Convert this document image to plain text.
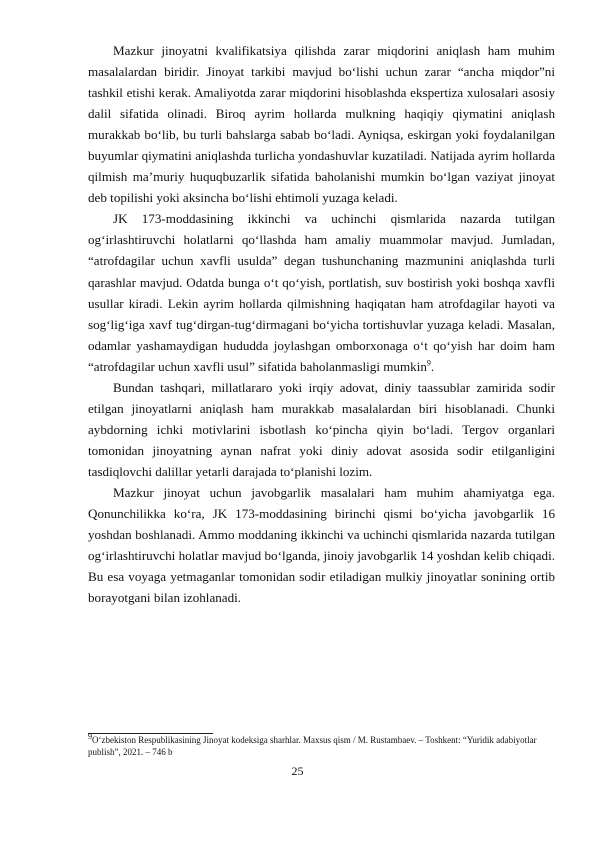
Mazkur jinoyatni kvalifikatsiya qilishda zarar miqdorini aniqlash ham muhim masalalardan biridir. Jinoyat tarkibi mavjud bo‘lishi uchun zarar “ancha miqdor”ni tashkil etishi kerak. Amaliyotda zarar miqdorini hisoblashda ekspertiza xulosalari asosiy dalil sifatida olinadi. Biroq ayrim hollarda mulkning haqiqiy qiymatini aniqlash murakkab bo‘lib, bu turli bahslarga sabab bo‘ladi. Ayniqsa, eskirgan yoki foydalanilgan buyumlar qiymatini aniqlashda turlicha yondashuvlar kuzatiladi. Natijada ayrim hollarda qilmish ma’muriy huquqbuzarlik sifatida baholanishi mumkin bo‘lgan vaziyat jinoyat deb topilishi yoki aksincha bo‘lishi ehtimoli yuzaga keladi.

JK 173-moddasining ikkinchi va uchinchi qismlarida nazarda tutilgan og‘irlashtiruvchi holatlarni qo‘llashda ham amaliy muammolar mavjud. Jumladan, “atrofdagilar uchun xavfli usulda” degan tushunchaning mazmunini aniqlashda turli qarashlar mavjud. Odatda bunga o‘t qo‘yish, portlatish, suv bostirish yoki boshqa xavfli usullar kiradi. Lekin ayrim hollarda qilmishning haqiqatan ham atrofdagilar hayoti va sog‘lig‘iga xavf tug‘dirgan-tug‘dirmagani bo‘yicha tortishuvlar yuzaga keladi. Masalan, odamlar yashamaydigan hududda joylashgan omborxonaga o‘t qo‘yish har doim ham “atrofdagilar uchun xavfli usul” sifatida baholanmasligi mumkin$^9$.

Bundan tashqari, millatlararo yoki irqiy adovat, diniy taassublar zamirida sodir etilgan jinoyatlarni aniqlash ham murakkab masalalardan biri hisoblanadi. Chunki aybdorning ichki motivlarini isbotlash ko‘pincha qiyin bo‘ladi. Tergov organlari tomonidan jinoyatning aynan nafrat yoki diniy adovat asosida sodir etilganligini tasdiqlovchi dalillar yetarli darajada to‘planishi lozim.

Mazkur jinoyat uchun javobgarlik masalalari ham muhim ahamiyatga ega. Qonunchilikka ko‘ra, JK 173-moddasining birinchi qismi bo‘yicha javobgarlik 16 yoshdan boshlanadi. Ammo moddaning ikkinchi va uchinchi qismlarida nazarda tutilgan og‘irlashtiruvchi holatlar mavjud bo‘lganda, jinoiy javobgarlik 14 yoshdan kelib chiqadi. Bu esa voyaga yetmaganlar tomonidan sodir etiladigan mulkiy jinoyatlar sonining ortib borayotgani bilan izohlanadi.

$^9$O‘zbekiston Respublikasining Jinoyat kodeksiga sharhlar. Maxsus qism / M. Rustambaev. – Toshkent: “Yuridik adabiyotlar publish”, 2021. – 746 b
25
